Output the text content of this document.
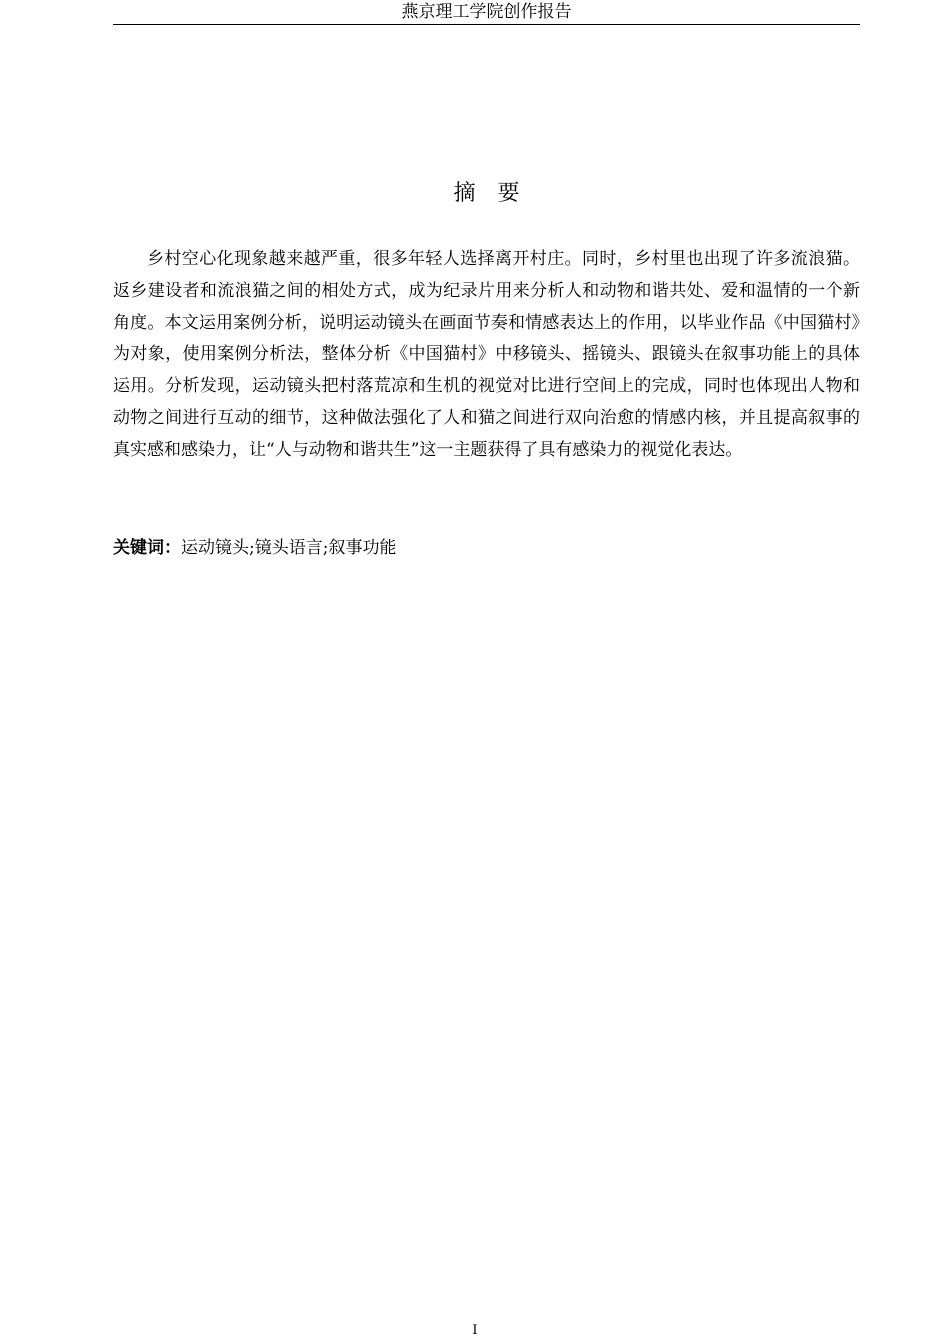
燕京理工学院创作报告
摘 要

乡村空心化现象越来越严重，很多年轻人选择离开村庄。同时，乡村里也出现了许多流浪猫。返乡建设者和流浪猫之间的相处方式，成为纪录片用来分析人和动物和谐共处、爱和温情的一个新角度。本文运用案例分析，说明运动镜头在画面节奏和情感表达上的作用，以毕业作品《中国猫村》为对象，使用案例分析法，整体分析《中国猫村》中移镜头、摇镜头、跟镜头在叙事功能上的具体运用。分析发现，运动镜头把村落荒凉和生机的视觉对比进行空间上的完成，同时也体现出人物和动物之间进行互动的细节，这种做法强化了人和猫之间进行双向治愈的情感内核，并且提高叙事的真实感和感染力，让“人与动物和谐共生”这一主题获得了具有感染力的视觉化表达。

关键词：运动镜头;镜头语言;叙事功能

I
